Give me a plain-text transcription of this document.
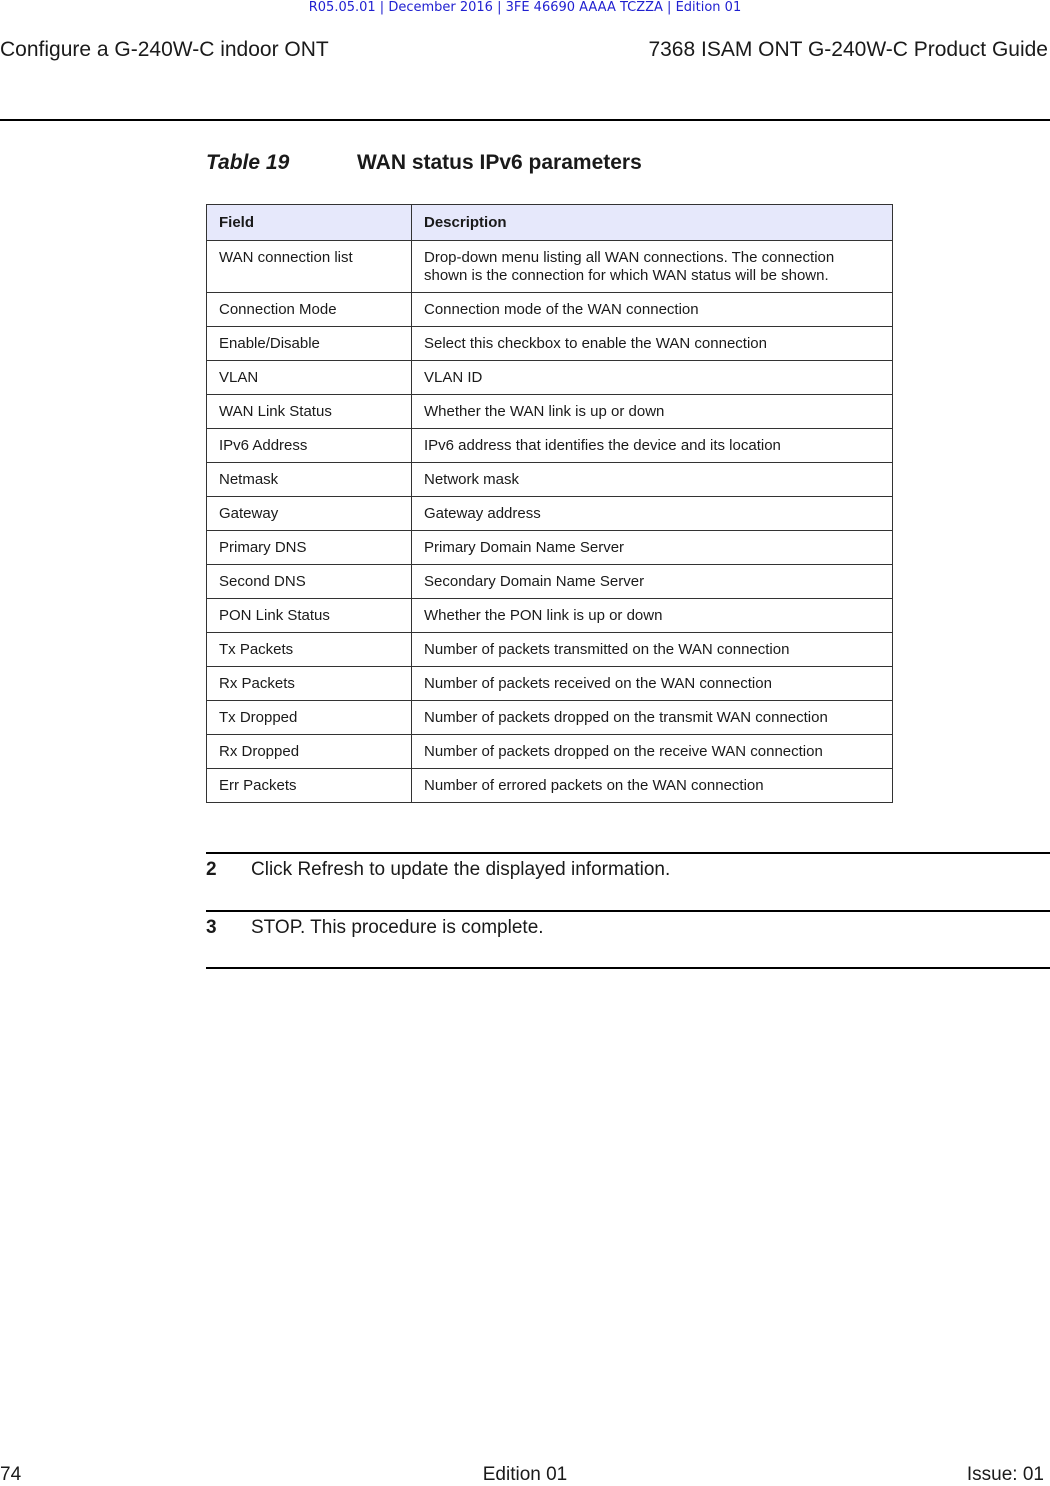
R05.05.01 | December 2016 | 3FE 46690 AAAA TCZZA | Edition 01
Configure a G-240W-C indoor ONT	7368 ISAM ONT G-240W-C Product Guide
Table 19	WAN status IPv6 parameters
Field	Description
WAN connection list	Drop-down menu listing all WAN connections. The connection shown is the connection for which WAN status will be shown.
Connection Mode	Connection mode of the WAN connection
Enable/Disable	Select this checkbox to enable the WAN connection
VLAN	VLAN ID
WAN Link Status	Whether the WAN link is up or down
IPv6 Address	IPv6 address that identifies the device and its location
Netmask	Network mask
Gateway	Gateway address
Primary DNS	Primary Domain Name Server
Second DNS	Secondary Domain Name Server
PON Link Status	Whether the PON link is up or down
Tx Packets	Number of packets transmitted on the WAN connection
Rx Packets	Number of packets received on the WAN connection
Tx Dropped	Number of packets dropped on the transmit WAN connection
Rx Dropped	Number of packets dropped on the receive WAN connection
Err Packets	Number of errored packets on the WAN connection
2 Click Refresh to update the displayed information.
3 STOP. This procedure is complete.
74	Edition 01	Issue: 01
